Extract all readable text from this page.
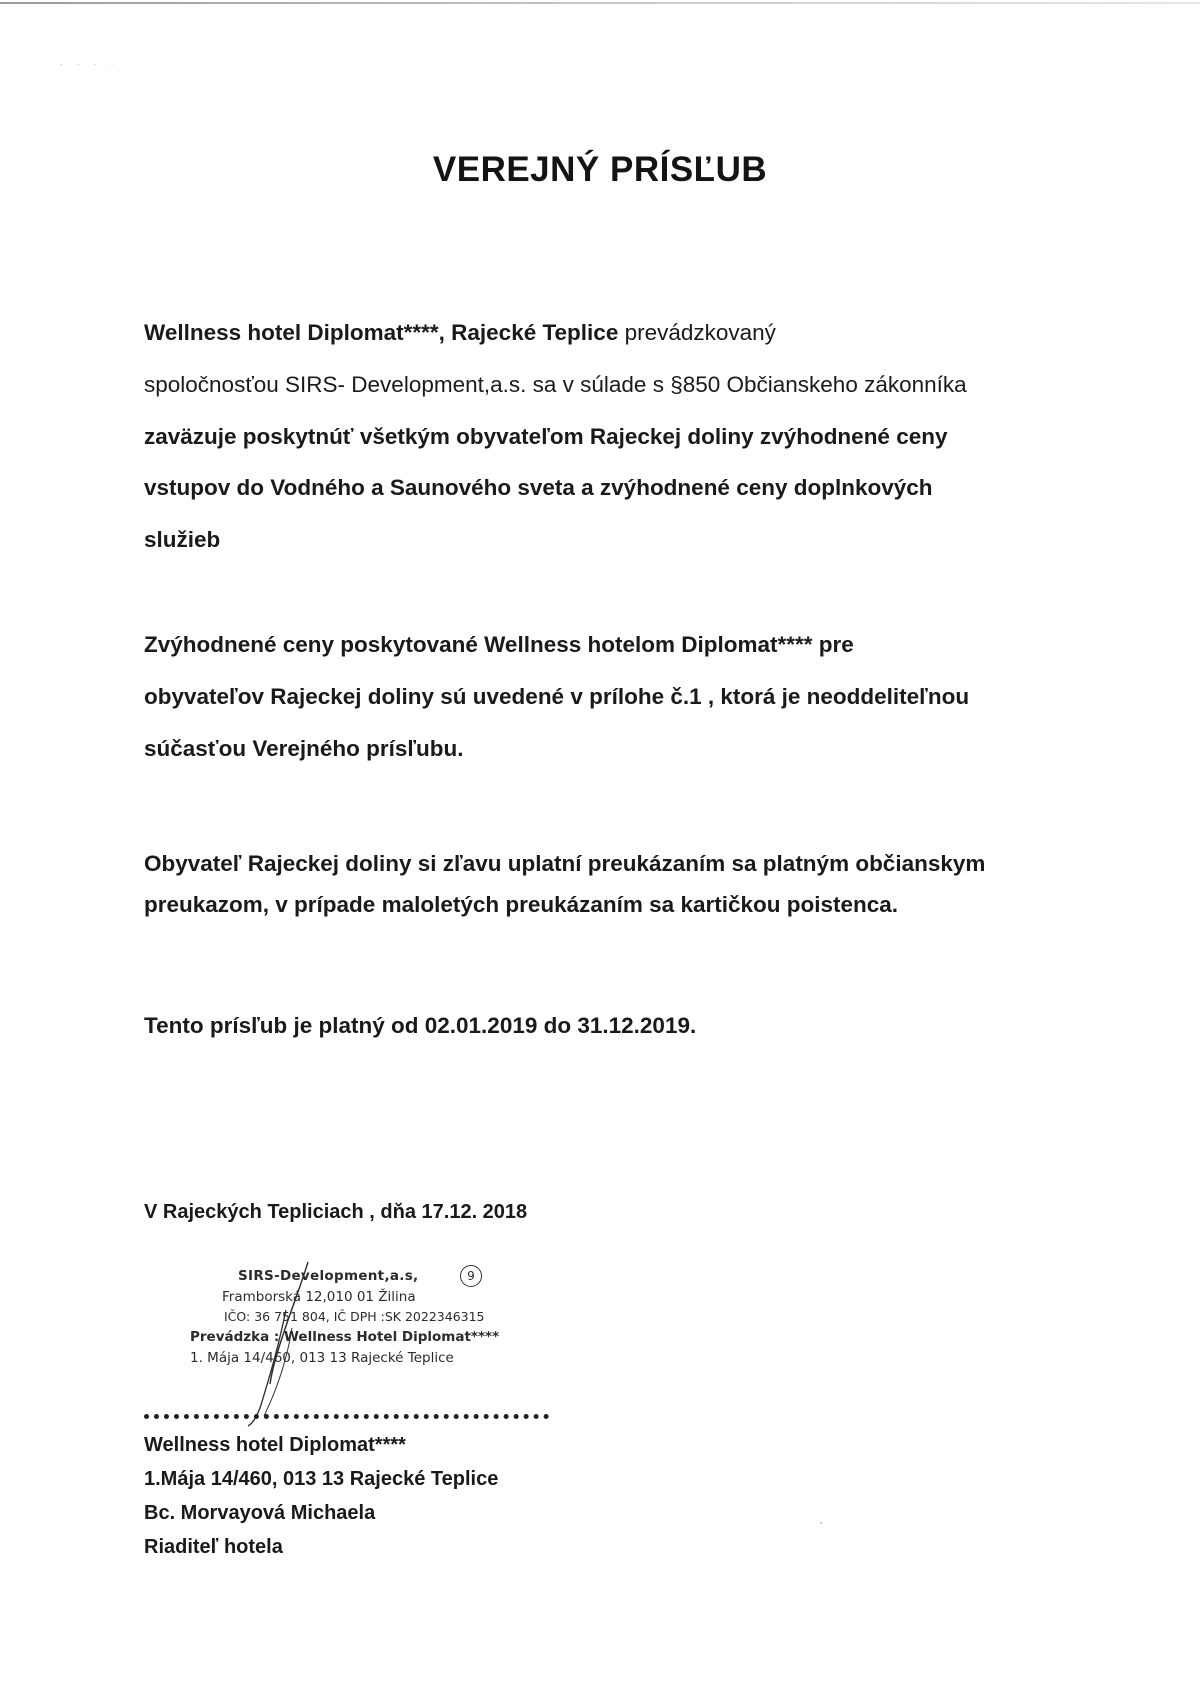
- - · ·
VEREJNÝ PRÍSĽUB
Wellness hotel Diplomat****, Rajecké Teplice prevádzkovaný
spoločnosťou SIRS- Development,a.s. sa v súlade s §850 Občianskeho zákonníka
zaväzuje poskytnúť všetkým obyvateľom Rajeckej doliny zvýhodnené ceny
vstupov do Vodného a Saunového sveta a zvýhodnené ceny doplnkových
služieb
Zvýhodnené ceny poskytované Wellness hotelom Diplomat**** pre
obyvateľov Rajeckej doliny sú uvedené v prílohe č.1 , ktorá je neoddeliteľnou
súčasťou Verejného prísľubu.
Obyvateľ Rajeckej doliny si zľavu uplatní preukázaním sa platným občianskym
preukazom, v prípade maloletých preukázaním sa kartičkou poistenca.
Tento prísľub je platný od 02.01.2019 do 31.12.2019.
V Rajeckých Tepliciach , dňa 17.12. 2018
SIRS-Development,a.s,	9
Framborská 12,010 01 Žilina
IČO: 36 751 804, IČ DPH :SK 2022346315
Prevádzka : Wellness Hotel Diplomat****
1. Mája 14/460, 013 13 Rajecké Teplice
Wellness hotel Diplomat****
1.Mája 14/460, 013 13 Rajecké Teplice
Bc. Morvayová Michaela
Riaditeľ hotela
